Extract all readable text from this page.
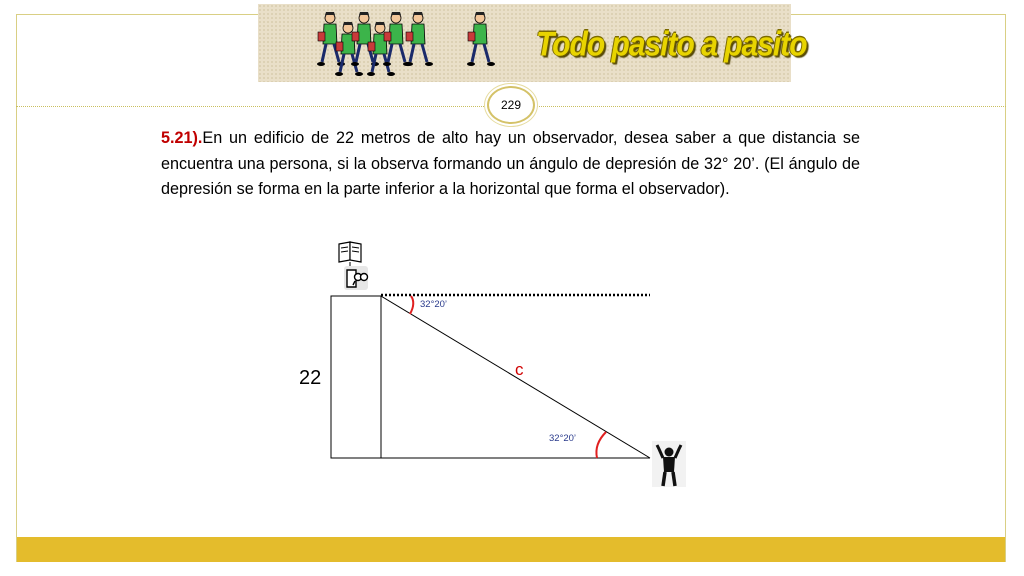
Todo pasito a pasito
229
5.21).En un edificio de 22 metros de alto hay un observador, desea saber a que distancia se encuentra una persona, si la observa formando un ángulo de depresión de 32° 20’. (El ángulo de depresión se forma en la parte inferior a la horizontal que forma el observador).
22	c
32°20’
32°20’
